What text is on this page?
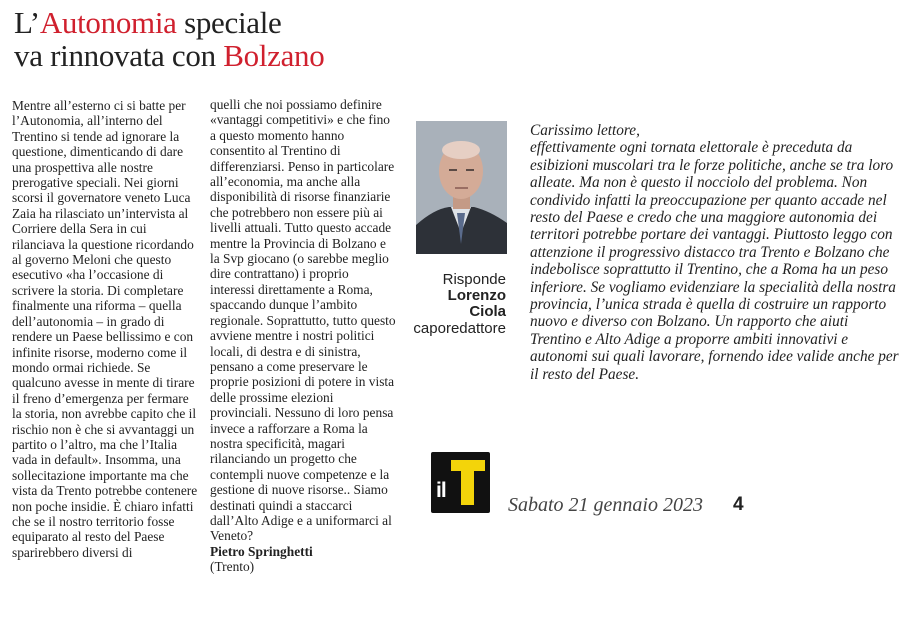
L’Autonomia speciale
va rinnovata con Bolzano

Mentre all’esterno ci si batte per l’Autonomia, all’interno del Trentino si tende ad ignorare la questione, dimenticando di dare una prospettiva alle nostre prerogative speciali. Nei giorni scorsi il governatore veneto Luca Zaia ha rilasciato un’intervista al Corriere della Sera in cui rilanciava la questione ricordando al governo Meloni che questo esecutivo «ha l’occasione di scrivere la storia. Di completare finalmente una riforma – quella dell’autonomia – in grado di rendere un Paese bellissimo e con infinite risorse, moderno come il mondo ormai richiede. Se qualcuno avesse in mente di tirare il freno d’emergenza per fermare la storia, non avrebbe capito che il rischio non è che si avvantaggi un partito o l’altro, ma che l’Italia vada in default». Insomma, una sollecitazione importante ma che vista da Trento potrebbe contenere non poche insidie. È chiaro infatti che se il nostro territorio fosse equiparato al resto del Paese sparirebbero diversi di

quelli che noi possiamo definire «vantaggi competitivi» e che fino a questo momento hanno consentito al Trentino di differenziarsi. Penso in particolare all’economia, ma anche alla disponibilità di risorse finanziarie che potrebbero non essere più ai livelli attuali. Tutto questo accade mentre la Provincia di Bolzano e la Svp giocano (o sarebbe meglio dire contrattano) i proprio interessi direttamente a Roma, spaccando dunque l’ambito regionale. Soprattutto, tutto questo avviene mentre i nostri politici locali, di destra e di sinistra, pensano a come preservare le proprie posizioni di potere in vista delle prossime elezioni provinciali. Nessuno di loro pensa invece a rafforzare a Roma la nostra specificità, magari rilanciando un progetto che contempli nuove competenze e la gestione di nuove risorse.. Siamo destinati quindi a staccarci dall’Alto Adige e a uniformarci al Veneto?

Pietro Springhetti
(Trento)
Risponde
Lorenzo
Ciola
caporedattore

Carissimo lettore,

effettivamente ogni tornata elettorale è preceduta da esibizioni muscolari tra le forze politiche, anche se tra loro alleate. Ma non è questo il nocciolo del problema. Non condivido infatti la preoccupazione per quanto accade nel resto del Paese e credo che una maggiore autonomia dei territori potrebbe portare dei vantaggi. Piuttosto leggo con attenzione il progressivo distacco tra Trento e Bolzano che indebolisce soprattutto il Trentino, che a Roma ha un peso inferiore. Se vogliamo evidenziare la specialità della nostra provincia, l’unica strada è quella di costruire un rapporto nuovo e diverso con Bolzano. Un rapporto che aiuti Trentino e Alto Adige a proporre ambiti innovativi e autonomi sui quali lavorare, fornendo idee valide anche per il resto del Paese.

il
Sabato 21 gennaio 2023 4
